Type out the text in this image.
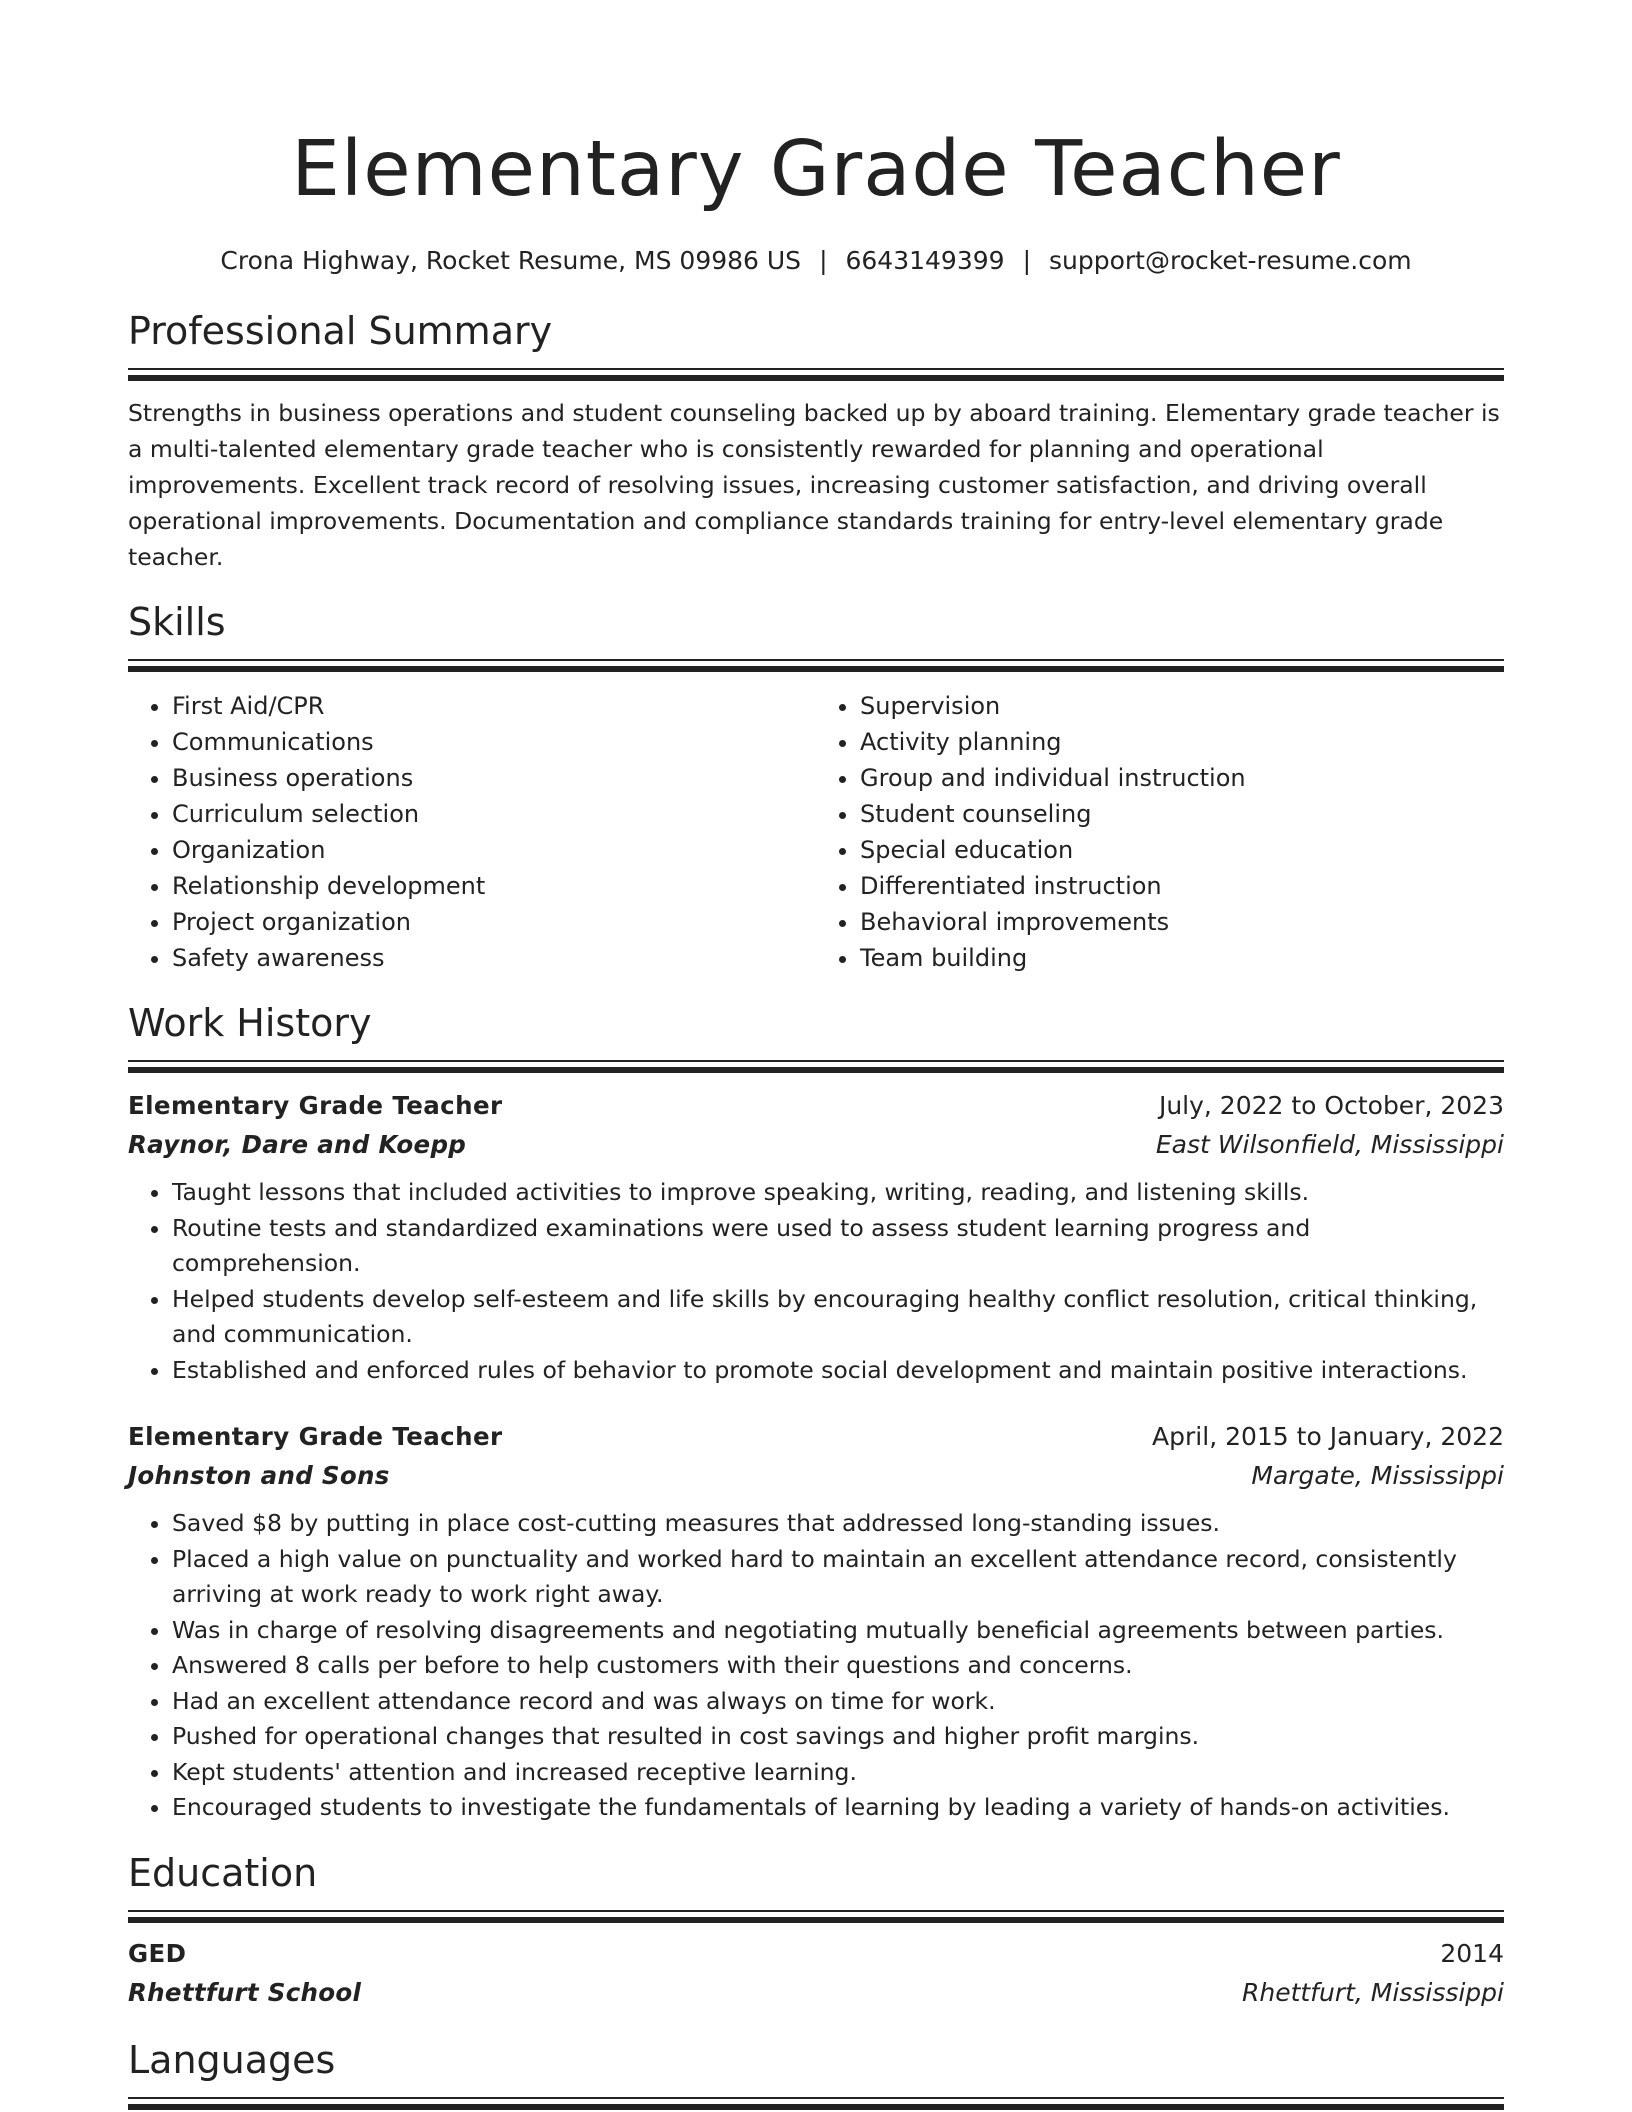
Elementary Grade Teacher
Crona Highway, Rocket Resume, MS 09986 US | 6643149399 | support@rocket-resume.com
Professional Summary

Strengths in business operations and student counseling backed up by aboard training. Elementary grade teacher is a multi-talented elementary grade teacher who is consistently rewarded for planning and operational improvements. Excellent track record of resolving issues, increasing customer satisfaction, and driving overall operational improvements. Documentation and compliance standards training for entry-level elementary grade teacher.

Skills
• First Aid/CPR
• Communications
• Business operations
• Curriculum selection
• Organization
• Relationship development
• Project organization
• Safety awareness
• Supervision
• Activity planning
• Group and individual instruction
• Student counseling
• Special education
• Differentiated instruction
• Behavioral improvements
• Team building
Work History
Elementary Grade Teacher	July, 2022 to October, 2023
Raynor, Dare and Koepp	East Wilsonfield, Mississippi
• Taught lessons that included activities to improve speaking, writing, reading, and listening skills.
• Routine tests and standardized examinations were used to assess student learning progress and comprehension.
• Helped students develop self-esteem and life skills by encouraging healthy conflict resolution, critical thinking, and communication.
• Established and enforced rules of behavior to promote social development and maintain positive interactions.
Elementary Grade Teacher	April, 2015 to January, 2022
Johnston and Sons	Margate, Mississippi
• Saved $8 by putting in place cost-cutting measures that addressed long-standing issues.
• Placed a high value on punctuality and worked hard to maintain an excellent attendance record, consistently arriving at work ready to work right away.
• Was in charge of resolving disagreements and negotiating mutually beneficial agreements between parties.
• Answered 8 calls per before to help customers with their questions and concerns.
• Had an excellent attendance record and was always on time for work.
• Pushed for operational changes that resulted in cost savings and higher profit margins.
• Kept students' attention and increased receptive learning.
• Encouraged students to investigate the fundamentals of learning by leading a variety of hands-on activities.
Education
GED	2014
Rhettfurt School	Rhettfurt, Mississippi
Languages
